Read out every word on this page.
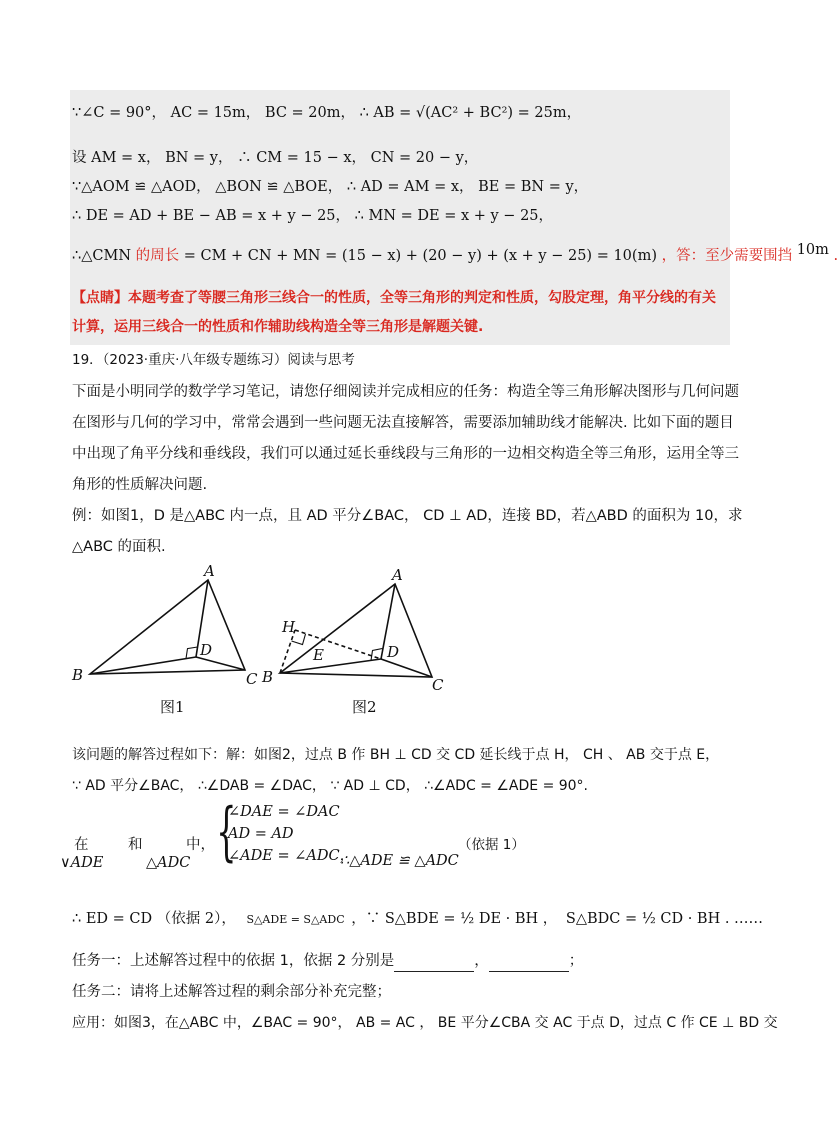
∵∠C = 90°， AC = 15m， BC = 20m， ∴ AB = √(AC² + BC²) = 25m，
设 AM = x， BN = y， ∴ CM = 15 − x， CN = 20 − y，
∵△AOM ≌ △AOD， △BON ≌ △BOE， ∴ AD = AM = x， BE = BN = y，
∴ DE = AD + BE − AB = x + y − 25， ∴ MN = DE = x + y − 25，
∴△CMN 的周长 = CM + CN + MN = (15 − x) + (20 − y) + (x + y − 25) = 10(m) ，答：至少需要围挡 10m .
【点睛】本题考查了等腰三角形三线合一的性质，全等三角形的判定和性质，勾股定理，角平分线的有关
计算，运用三线合一的性质和作辅助线构造全等三角形是解题关键.
19．（2023·重庆·八年级专题练习）阅读与思考
下面是小明同学的数学学习笔记，请您仔细阅读并完成相应的任务：构造全等三角形解决图形与几何问题
在图形与几何的学习中，常常会遇到一些问题无法直接解答，需要添加辅助线才能解决. 比如下面的题目
中出现了角平分线和垂线段，我们可以通过延长垂线段与三角形的一边相交构造全等三角形，运用全等三
角形的性质解决问题.
例：如图1，D 是△ABC 内一点，且 AD 平分∠BAC， CD ⊥ AD，连接 BD，若△ABD 的面积为 10，求
△ABC 的面积.
A
B	C
D
图1
A
B	C
D
E
H
图2
该问题的解答过程如下：解：如图2，过点 B 作 BH ⊥ CD 交 CD 延长线于点 H， CH 、 AB 交于点 E，
∵ AD 平分∠BAC， ∴∠DAB = ∠DAC， ∵ AD ⊥ CD， ∴∠ADC = ∠ADE = 90°.
在	和	中，
∨ADE	△ADC {
∠DAE = ∠DAC
AD = AD
∠ADE = ∠ADC，
∴△ADE ≌ △ADC
（依据 1）
∴ ED = CD （依据 2）， S△ADE = S△ADC ，∵ S△BDE = ½ DE · BH ， S△BDC = ½ CD · BH . ……
任务一：上述解答过程中的依据 1，依据 2 分别是	，	；
任务二：请将上述解答过程的剩余部分补充完整；
应用：如图3，在△ABC 中，∠BAC = 90°， AB = AC ， BE 平分∠CBA 交 AC 于点 D，过点 C 作 CE ⊥ BD 交
